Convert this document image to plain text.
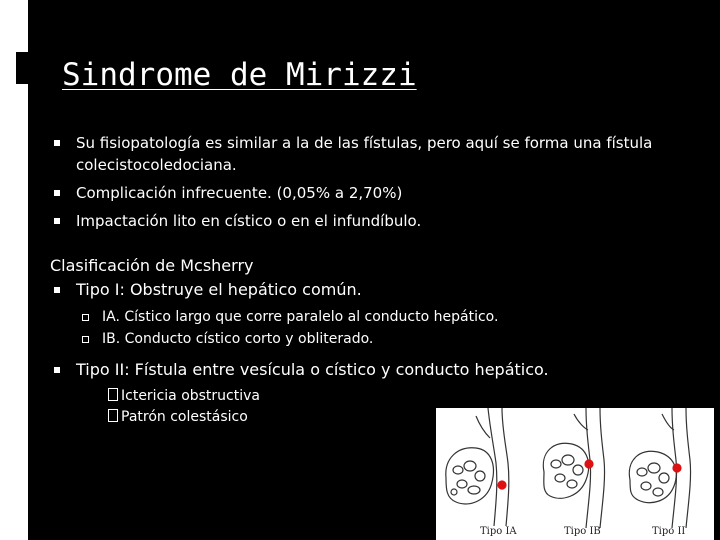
Sindrome de Mirizzi
Su fisiopatología es similar a la de las fístulas, pero aquí se forma una fístula colecistocoledociana.
Complicación infrecuente. (0,05% a 2,70%)
Impactación lito en cístico o en el infundíbulo.
Clasificación de Mcsherry
Tipo I: Obstruye el hepático común.
IA. Cístico largo que corre paralelo al conducto hepático.
IB. Conducto cístico corto y obliterado.
Tipo II: Fístula entre vesícula o cístico y conducto hepático.
Ictericia obstructiva
Patrón colestásico
Tipo IA	Tipo IB	Tipo II
